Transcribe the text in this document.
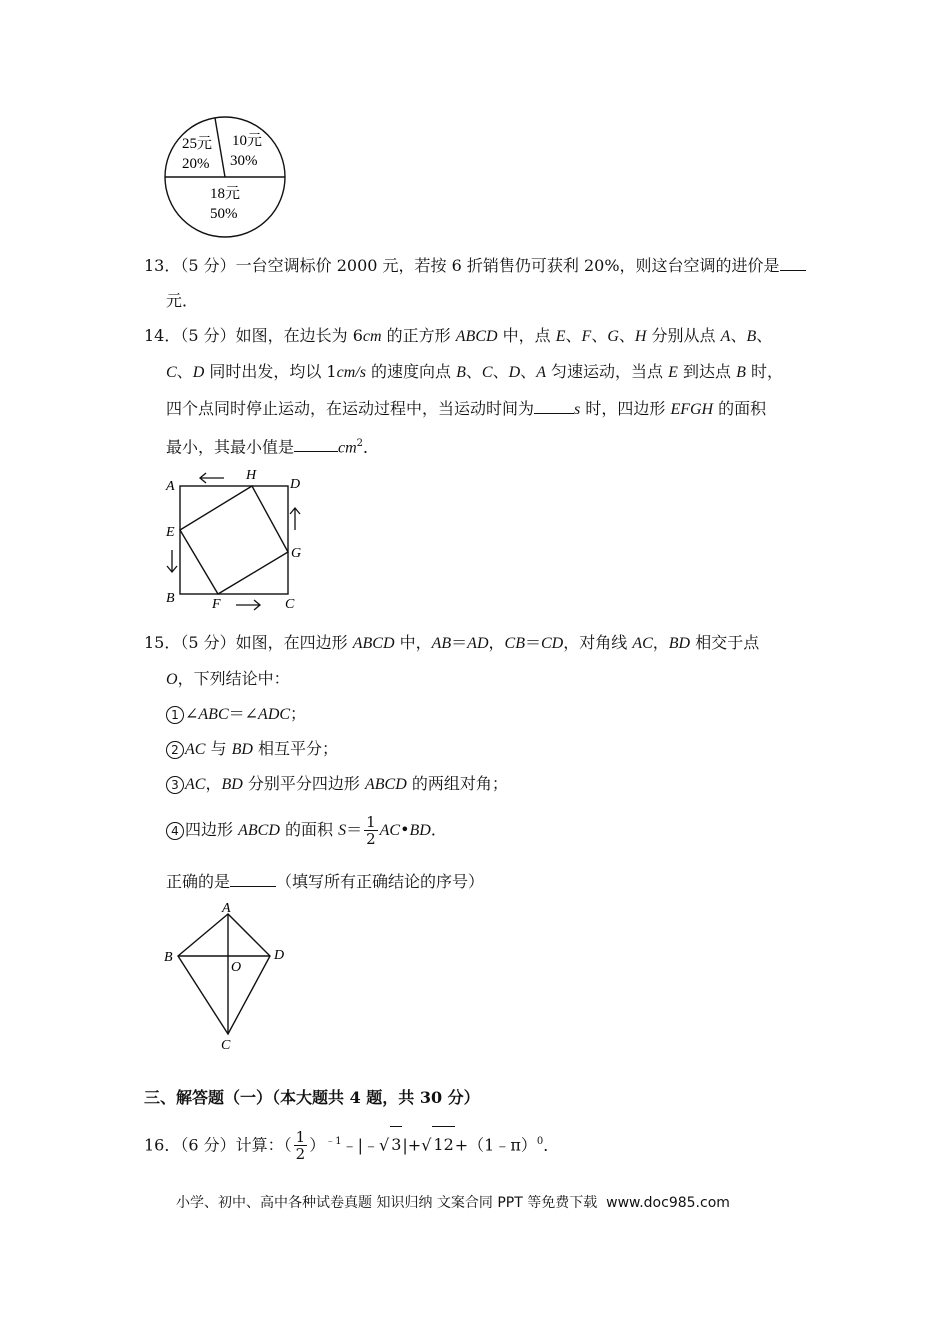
25元
20%
10元
30%
18元
50%
13．（5 分）一台空调标价 2000 元，若按 6 折销售仍可获利 20%，则这台空调的进价是
元．
14．（5 分）如图，在边长为 6cm 的正方形 ABCD 中，点 E、F、G、H 分别从点 A、B、
C、D 同时出发，均以 1cm/s 的速度向点 B、C、D、A 匀速运动，当点 E 到达点 B 时，
四个点同时停止运动，在运动过程中，当运动时间为	s 时，四边形 EFGH 的面积
最小，其最小值是	$cm^2$．
A
H
D
E
G
B	F	C
15．（5 分）如图，在四边形 ABCD 中，AB＝AD，CB＝CD，对角线 AC，BD 相交于点
O，下列结论中：
1 ∠ABC＝∠ADC；
2 AC 与 BD 相互平分；
3 AC，BD 分别平分四边形 ABCD 的两组对角；
4 四边形 ABCD 的面积 $S= \frac{1}{2}$ AC•BD．
正确的是	（填写所有正确结论的序号）
A
B	D
O
C
三、解答题（一）（本大题共 4 题，共 30 分）
16．（6 分）计算：（ $\frac{1}{2}$ ）$^{﹣1}$﹣|﹣√ 3|+√ 12+（1﹣π）$^0$．
小学、初中、高中各种试卷真题 知识归纳 文案合同 PPT 等免费下载 www.doc985.com
